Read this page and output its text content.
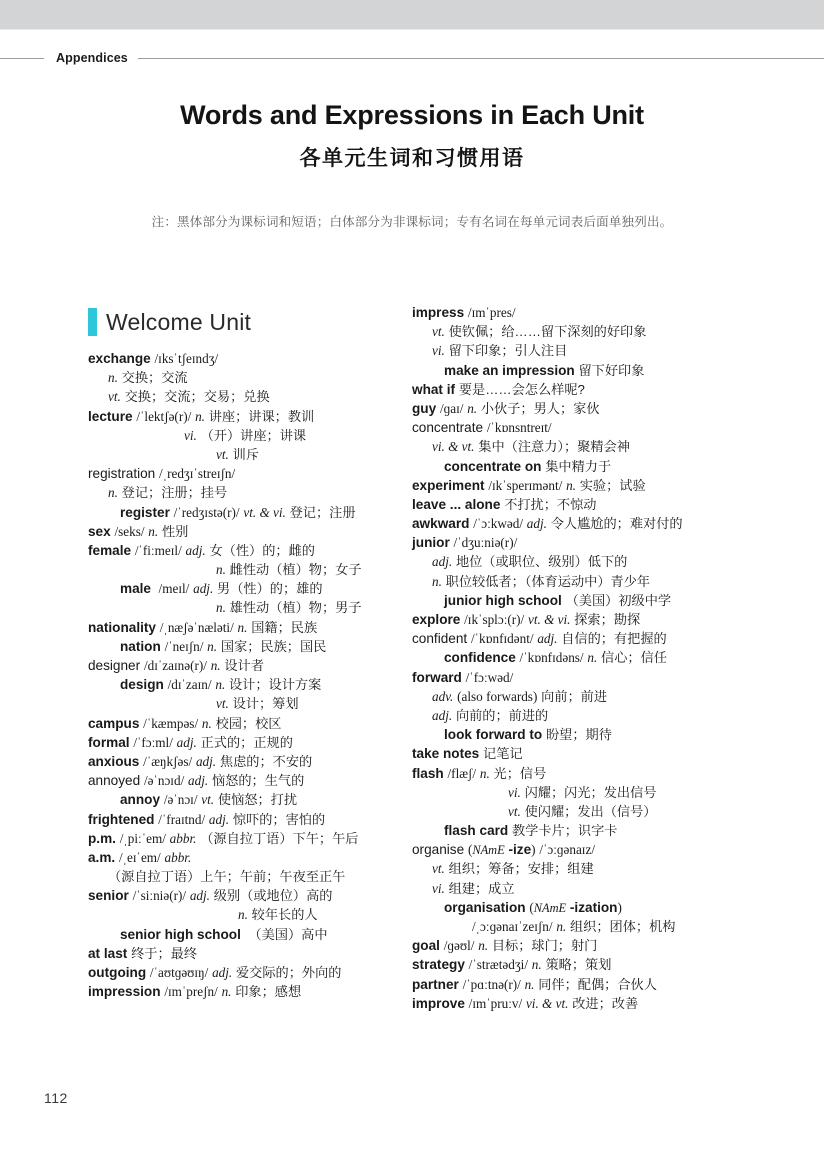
Appendices
Words and Expressions in Each Unit
各单元生词和习惯用语
注：黑体部分为课标词和短语；白体部分为非课标词；专有名词在每单元词表后面单独列出。
Welcome Unit
exchange /ɪksˈtʃeɪndʒ/
n. 交换；交流
vt. 交换；交流；交易；兑换
lecture /ˈlektʃə(r)/ n. 讲座；讲课；教训
vi. （开）讲座；讲课
vt. 训斥
registration /ˌredʒɪˈstreɪʃn/
n. 登记；注册；挂号
register /ˈredʒɪstə(r)/ vt. & vi. 登记；注册
sex /seks/ n. 性别
female /ˈfiːmeɪl/ adj. 女（性）的；雌的
n. 雌性动（植）物；女子
male /meɪl/ adj. 男（性）的；雄的
n. 雄性动（植）物；男子
nationality /ˌnæʃəˈnæləti/ n. 国籍；民族
nation /ˈneɪʃn/ n. 国家；民族；国民
designer /dɪˈzaɪnə(r)/ n. 设计者
design /dɪˈzaɪn/ n. 设计；设计方案
vt. 设计；筹划
campus /ˈkæmpəs/ n. 校园；校区
formal /ˈfɔːml/ adj. 正式的；正规的
anxious /ˈæŋkʃəs/ adj. 焦虑的；不安的
annoyed /əˈnɔɪd/ adj. 恼怒的；生气的
annoy /əˈnɔɪ/ vt. 使恼怒；打扰
frightened /ˈfraɪtnd/ adj. 惊吓的；害怕的
p.m. /ˌpiːˈem/ abbr. （源自拉丁语）下午；午后
a.m. /ˌeɪˈem/ abbr.
（源自拉丁语）上午；午前；午夜至正午
senior /ˈsiːniə(r)/ adj. 级别（或地位）高的
n. 较年长的人
senior high school （美国）高中
at last 终于；最终
outgoing /ˈaʊtɡəʊɪŋ/ adj. 爱交际的；外向的
impression /ɪmˈpreʃn/ n. 印象；感想
impress /ɪmˈpres/
vt. 使钦佩；给……留下深刻的好印象
vi. 留下印象；引人注目
make an impression 留下好印象
what if 要是……会怎么样呢?
guy /ɡaɪ/ n. 小伙子；男人；家伙
concentrate /ˈkɒnsntreɪt/
vi. & vt. 集中（注意力）；聚精会神
concentrate on 集中精力于
experiment /ɪkˈsperɪmənt/ n. 实验；试验
leave ... alone 不打扰；不惊动
awkward /ˈɔːkwəd/ adj. 令人尴尬的；难对付的
junior /ˈdʒuːniə(r)/
adj. 地位（或职位、级别）低下的
n. 职位较低者；（体育运动中）青少年
junior high school （美国）初级中学
explore /ɪkˈsplɔː(r)/ vt. & vi. 探索；勘探
confident /ˈkɒnfɪdənt/ adj. 自信的；有把握的
confidence /ˈkɒnfɪdəns/ n. 信心；信任
forward /ˈfɔːwəd/
adv. (also forwards) 向前；前进
adj. 向前的；前进的
look forward to 盼望；期待
take notes 记笔记
flash /flæʃ/ n. 光；信号
vi. 闪耀；闪光；发出信号
vt. 使闪耀；发出（信号）
flash card 教学卡片；识字卡
organise (NAmE -ize) /ˈɔːɡənaɪz/
vt. 组织；筹备；安排；组建
vi. 组建；成立
organisation (NAmE -ization)
/ˌɔːɡənaɪˈzeɪʃn/ n. 组织；团体；机构
goal /ɡəʊl/ n. 目标；球门；射门
strategy /ˈstrætədʒi/ n. 策略；策划
partner /ˈpɑːtnə(r)/ n. 同伴；配偶；合伙人
improve /ɪmˈpruːv/ vi. & vt. 改进；改善
112
